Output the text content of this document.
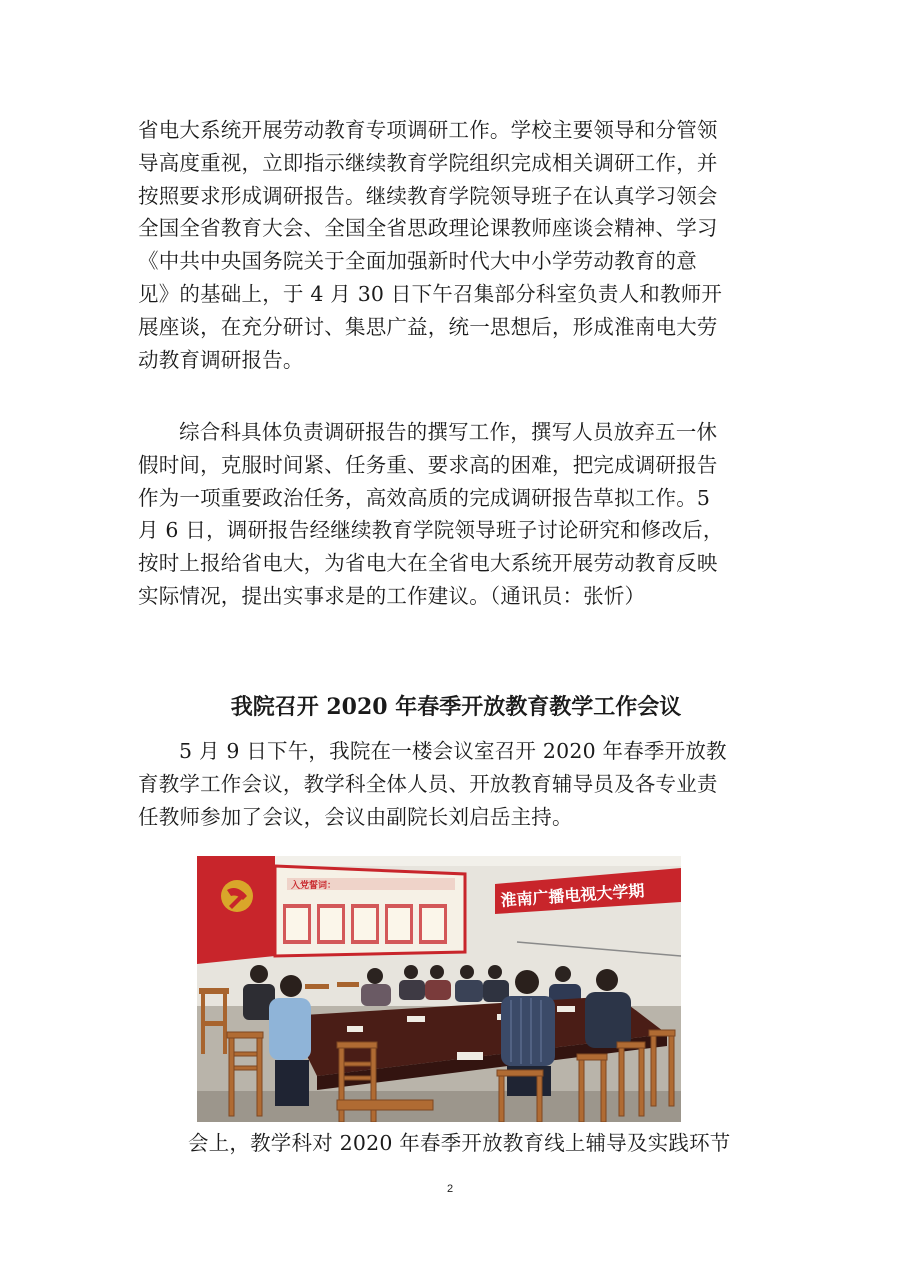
省电大系统开展劳动教育专项调研工作。学校主要领导和分管领
导高度重视，立即指示继续教育学院组织完成相关调研工作，并
按照要求形成调研报告。继续教育学院领导班子在认真学习领会
全国全省教育大会、全国全省思政理论课教师座谈会精神、学习
《中共中央国务院关于全面加强新时代大中小学劳动教育的意
见》的基础上，于 4 月 30 日下午召集部分科室负责人和教师开
展座谈，在充分研讨、集思广益，统一思想后，形成淮南电大劳
动教育调研报告。
综合科具体负责调研报告的撰写工作，撰写人员放弃五一休
假时间，克服时间紧、任务重、要求高的困难，把完成调研报告
作为一项重要政治任务，高效高质的完成调研报告草拟工作。5
月 6 日，调研报告经继续教育学院领导班子讨论研究和修改后，
按时上报给省电大，为省电大在全省电大系统开展劳动教育反映
实际情况，提出实事求是的工作建议。（通讯员：张忻）
我院召开 2020 年春季开放教育教学工作会议
5 月 9 日下午，我院在一楼会议室召开 2020 年春季开放教
育教学工作会议，教学科全体人员、开放教育辅导员及各专业责
任教师参加了会议，会议由副院长刘启岳主持。
入党誓词：	淮南广播电视大学期
会上，教学科对 2020 年春季开放教育线上辅导及实践环节
2
